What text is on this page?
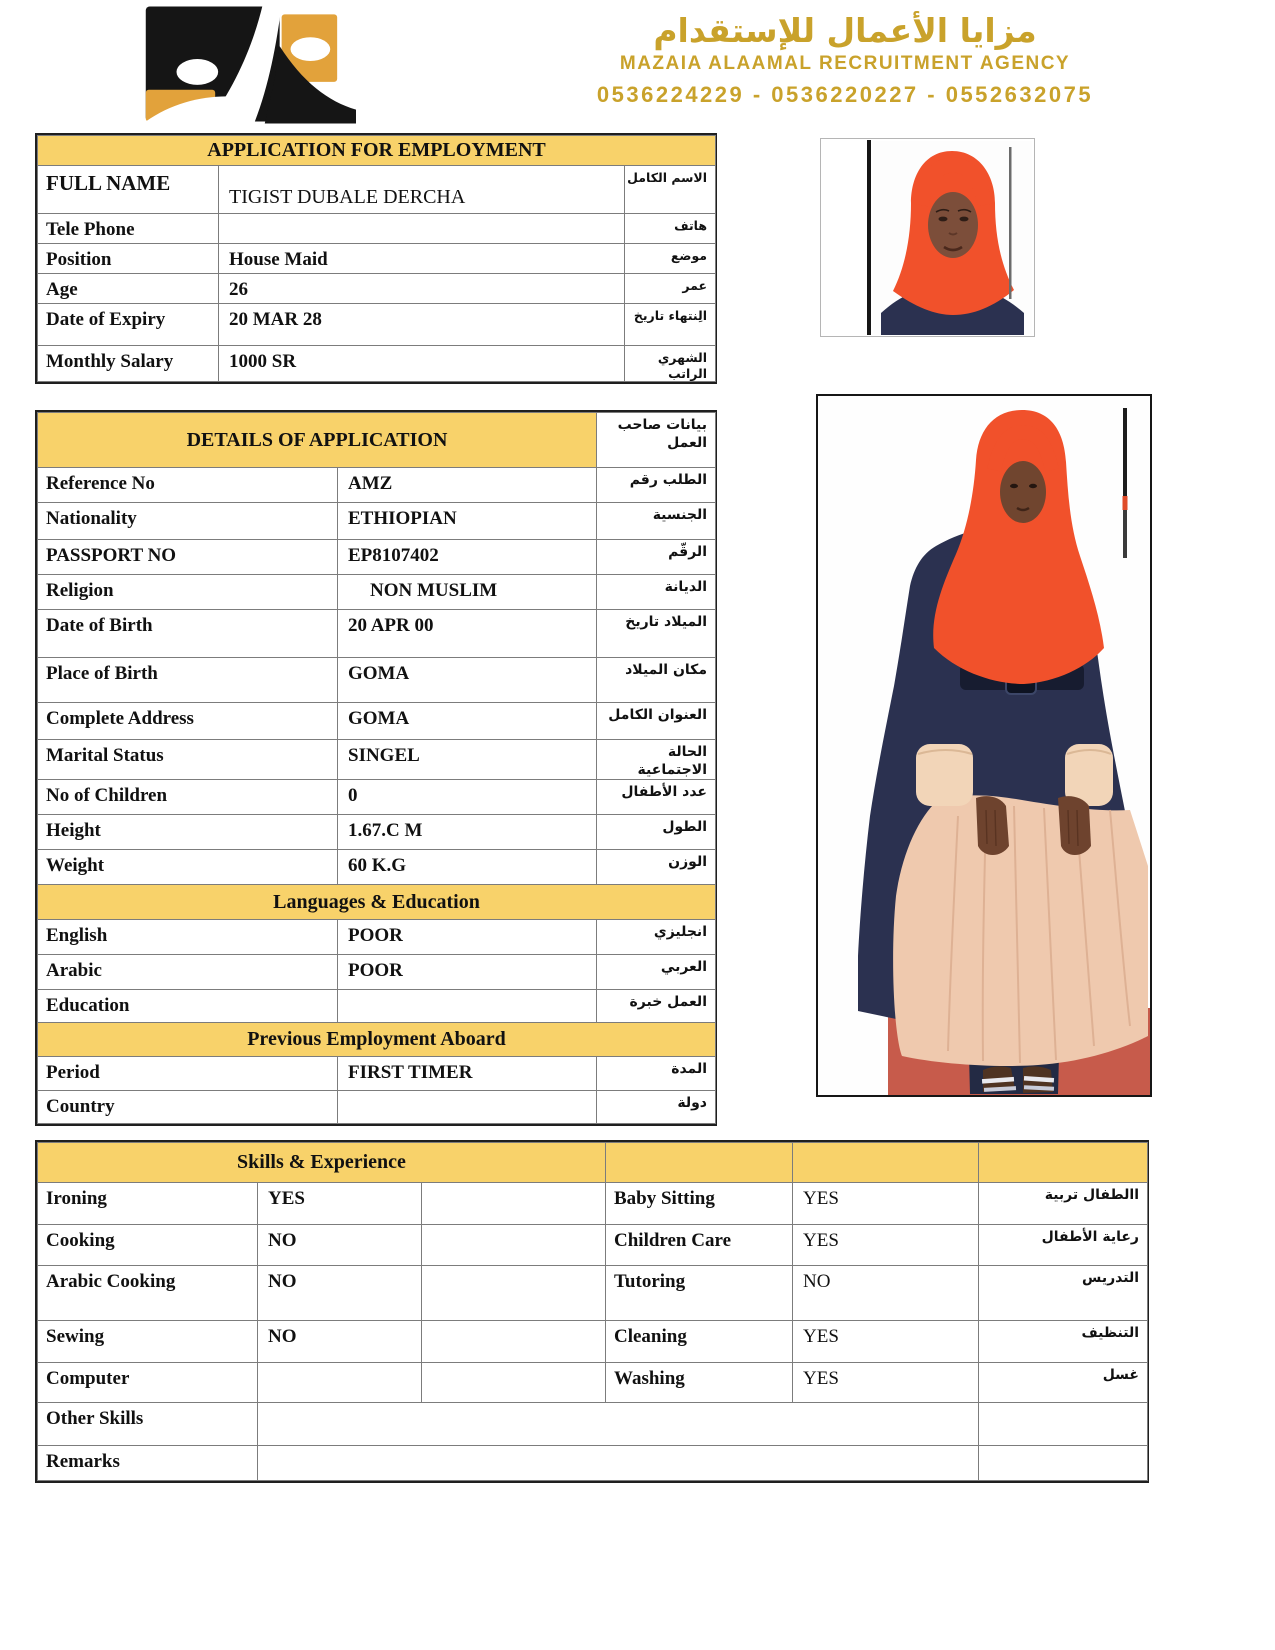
مزايا الأعمال للإستقدام
MAZAIA ALAAMAL RECRUITMENT AGENCY
0536224229 - 0536220227 - 0552632075
APPLICATION FOR EMPLOYMENT		
FULL NAME	TIGIST DUBALE DERCHA	الاسم الكامل
Tele Phone		هاتف
Position	House Maid	موضع
Age	26	عمر
Date of Expiry	20 MAR 28	الِنتهاء تاريخ
Monthly Salary	1000 SR	الشهري الراتب
DETAILS OF APPLICATION		بيانات صاحب العمل
Reference No	AMZ	الطلب رقم
Nationality	ETHIOPIAN	الجنسية
PASSPORT NO	EP8107402	الرقّم
Religion	NON MUSLIM	الديانة
Date of Birth	20 APR 00	الميلاد تاريخ
Place of Birth	GOMA	مكان الميلاد
Complete Address	GOMA	العنوان الكامل
Marital Status	SINGEL	الحالة الاجتماعية
No of Children	0	عدد الأطفال
Height	1.67.C M	الطول
Weight	60 K.G	الوزن
Languages & Education		
English	POOR	انجليزي
Arabic	POOR	العربي
Education		العمل خبرة
Previous Employment Aboard		
Period	FIRST TIMER	المدة
Country		دولة
Skills & Experience					
Ironing	YES		Baby Sitting	YES	االطفال تربية
Cooking	NO		Children Care	YES	رعاية الأطفال
Arabic Cooking	NO		Tutoring	NO	التدريس
Sewing	NO		Cleaning	YES	التنظيف
Computer			Washing	YES	غسل
Other Skills					
Remarks					
